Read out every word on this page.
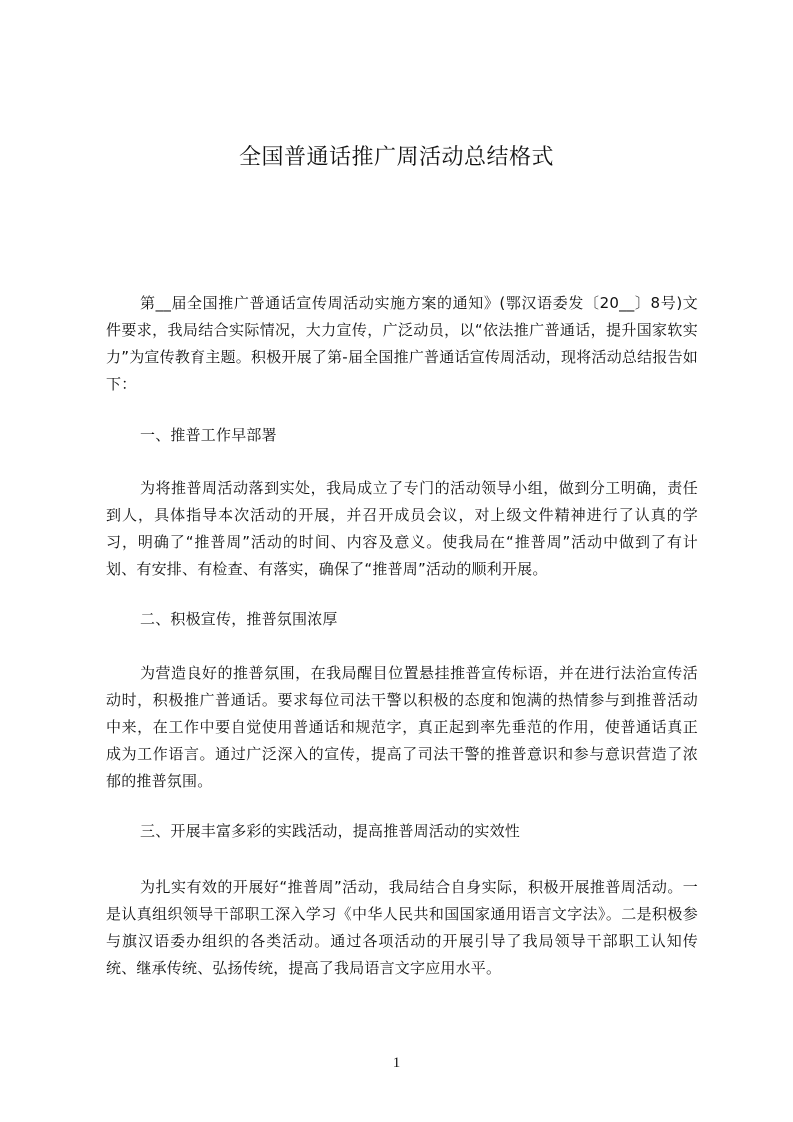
全国普通话推广周活动总结格式

第__届全国推广普通话宣传周活动实施方案的通知》(鄂汉语委发〔20__〕8号)文件要求，我局结合实际情况，大力宣传，广泛动员，以“依法推广普通话，提升国家软实力”为宣传教育主题。积极开展了第-届全国推广普通话宣传周活动，现将活动总结报告如下：

一、推普工作早部署

为将推普周活动落到实处，我局成立了专门的活动领导小组，做到分工明确，责任到人，具体指导本次活动的开展，并召开成员会议，对上级文件精神进行了认真的学习，明确了“推普周”活动的时间、内容及意义。使我局在“推普周”活动中做到了有计划、有安排、有检查、有落实，确保了“推普周”活动的顺利开展。

二、积极宣传，推普氛围浓厚

为营造良好的推普氛围，在我局醒目位置悬挂推普宣传标语，并在进行法治宣传活动时，积极推广普通话。要求每位司法干警以积极的态度和饱满的热情参与到推普活动中来，在工作中要自觉使用普通话和规范字，真正起到率先垂范的作用，使普通话真正成为工作语言。通过广泛深入的宣传，提高了司法干警的推普意识和参与意识营造了浓郁的推普氛围。

三、开展丰富多彩的实践活动，提高推普周活动的实效性

为扎实有效的开展好“推普周”活动，我局结合自身实际，积极开展推普周活动。一是认真组织领导干部职工深入学习《中华人民共和国国家通用语言文字法》。二是积极参与旗汉语委办组织的各类活动。通过各项活动的开展引导了我局领导干部职工认知传统、继承传统、弘扬传统，提高了我局语言文字应用水平。

1
